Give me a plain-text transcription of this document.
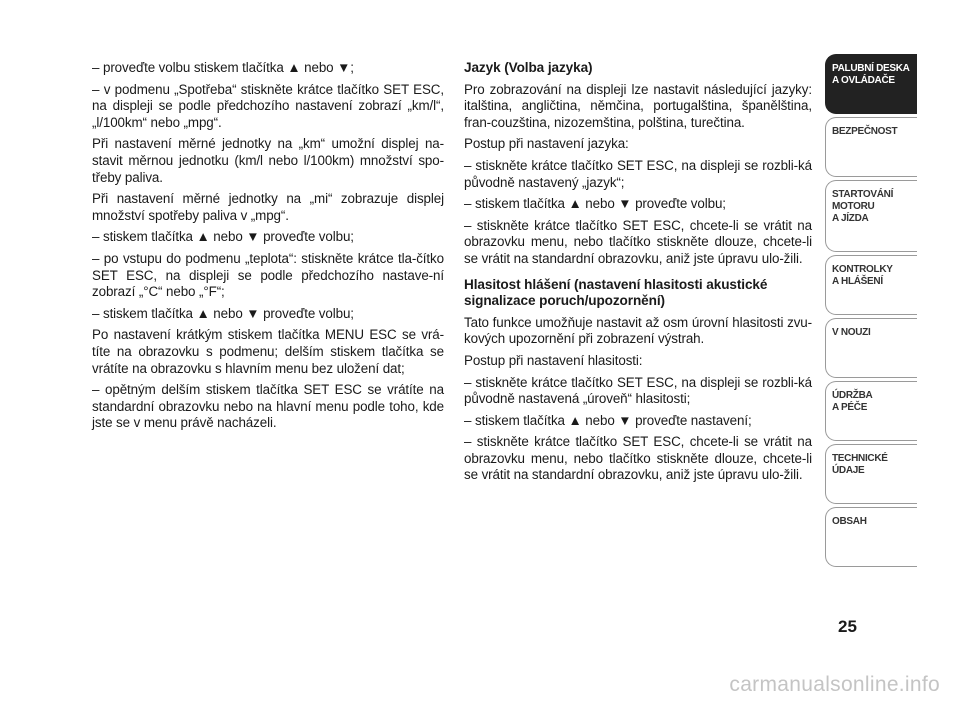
– proveďte volbu stiskem tlačítka ▲ nebo ▼;

– v podmenu „Spotřeba“ stiskněte krátce tlačítko SET ESC, na displeji se podle předchozího nastavení zobrazí „km/l“, „l/100km“ nebo „mpg“.

Při nastavení měrné jednotky na „km“ umožní displej na-stavit měrnou jednotku (km/l nebo l/100km) množství spo-třeby paliva.

Při nastavení měrné jednotky na „mi“ zobrazuje displej množství spotřeby paliva v „mpg“.

– stiskem tlačítka ▲ nebo ▼ proveďte volbu;

– po vstupu do podmenu „teplota“: stiskněte krátce tla-čítko SET ESC, na displeji se podle předchozího nastave-ní zobrazí „°C“ nebo „°F“;

– stiskem tlačítka ▲ nebo ▼ proveďte volbu;

Po nastavení krátkým stiskem tlačítka MENU ESC se vrá-títe na obrazovku s podmenu; delším stiskem tlačítka se vrátíte na obrazovku s hlavním menu bez uložení dat;

– opětným delším stiskem tlačítka SET ESC se vrátíte na standardní obrazovku nebo na hlavní menu podle toho, kde jste se v menu právě nacházeli.

Jazyk (Volba jazyka)

Pro zobrazování na displeji lze nastavit následující jazyky: italština, angličtina, němčina, portugalština, španělština, fran-couzština, nizozemština, polština, turečtina.

Postup při nastavení jazyka:

– stiskněte krátce tlačítko SET ESC, na displeji se rozbli-ká původně nastavený „jazyk“;

– stiskem tlačítka ▲ nebo ▼ proveďte volbu;

– stiskněte krátce tlačítko SET ESC, chcete-li se vrátit na obrazovku menu, nebo tlačítko stiskněte dlouze, chcete-li se vrátit na standardní obrazovku, aniž jste úpravu ulo-žili.

Hlasitost hlášení (nastavení hlasitosti akustické signalizace poruch/upozornění)

Tato funkce umožňuje nastavit až osm úrovní hlasitosti zvu-kových upozornění při zobrazení výstrah.

Postup při nastavení hlasitosti:

– stiskněte krátce tlačítko SET ESC, na displeji se rozbli-ká původně nastavená „úroveň“ hlasitosti;

– stiskem tlačítka ▲ nebo ▼ proveďte nastavení;

– stiskněte krátce tlačítko SET ESC, chcete-li se vrátit na obrazovku menu, nebo tlačítko stiskněte dlouze, chcete-li se vrátit na standardní obrazovku, aniž jste úpravu ulo-žili.

PALUBNÍ DESKA
A OVLÁDAČE
BEZPEČNOST
STARTOVÁNÍ
MOTORU
A JÍZDA
KONTROLKY
A HLÁŠENÍ
V NOUZI
ÚDRŽBA
A PÉČE
TECHNICKÉ
ÚDAJE
OBSAH
25
carmanualsonline.info
